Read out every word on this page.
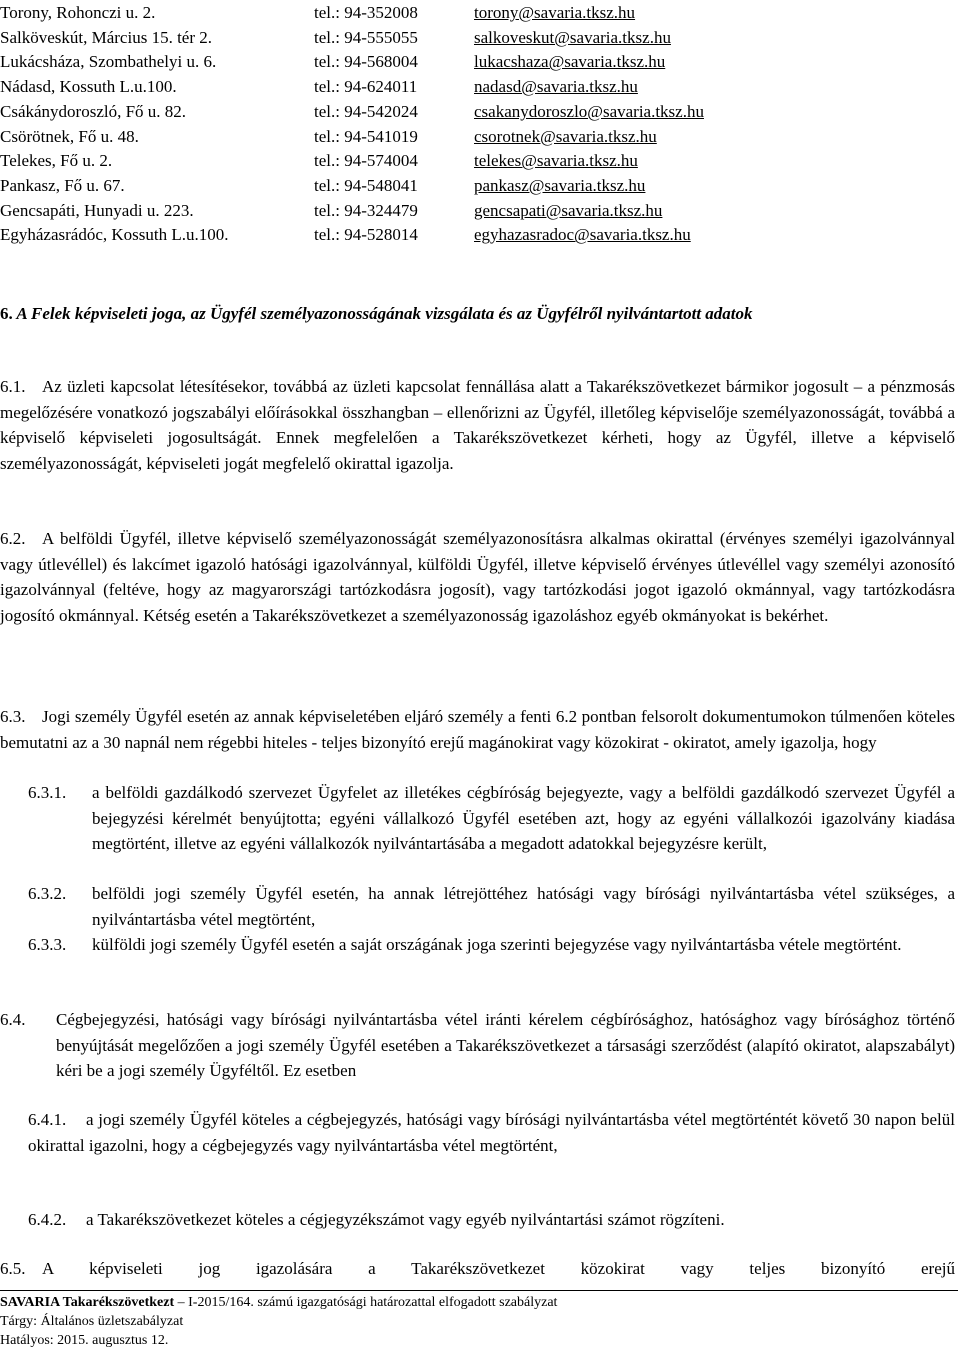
Torony, Rohonczi u. 2.	tel.: 94-352008	torony@savaria.tksz.hu
Salköveskút, Március 15. tér 2.	tel.: 94-555055	salkoveskut@savaria.tksz.hu
Lukácsháza, Szombathelyi u. 6.	tel.: 94-568004	lukacshaza@savaria.tksz.hu
Nádasd, Kossuth L.u.100.	tel.: 94-624011	nadasd@savaria.tksz.hu
Csákánydoroszló, Fő u. 82.	tel.: 94-542024	csakanydoroszlo@savaria.tksz.hu
Csörötnek, Fő u. 48.	tel.: 94-541019	csorotnek@savaria.tksz.hu
Telekes, Fő u. 2.	tel.: 94-574004	telekes@savaria.tksz.hu
Pankasz, Fő u. 67.	tel.: 94-548041	pankasz@savaria.tksz.hu
Gencsapáti, Hunyadi u. 223.	tel.: 94-324479	gencsapati@savaria.tksz.hu
Egyházasrádóc, Kossuth L.u.100.	tel.: 94-528014	egyhazasradoc@savaria.tksz.hu
6. A Felek képviseleti joga, az Ügyfél személyazonosságának vizsgálata és az Ügyfélről nyilvántartott adatok
6.1. Az üzleti kapcsolat létesítésekor, továbbá az üzleti kapcsolat fennállása alatt a Takarékszövetkezet bármikor jogosult – a pénzmosás megelőzésére vonatkozó jogszabályi előírásokkal összhangban – ellenőrizni az Ügyfél, illetőleg képviselője személyazonosságát, továbbá a képviselő képviseleti jogosultságát. Ennek megfelelően a Takarékszövetkezet kérheti, hogy az Ügyfél, illetve a képviselő személyazonosságát, képviseleti jogát megfelelő okirattal igazolja.
6.2. A belföldi Ügyfél, illetve képviselő személyazonosságát személyazonosításra alkalmas okirattal (érvényes személyi igazolvánnyal vagy útlevéllel) és lakcímet igazoló hatósági igazolvánnyal, külföldi Ügyfél, illetve képviselő érvényes útlevéllel vagy személyi azonosító igazolvánnyal (feltéve, hogy az magyarországi tartózkodásra jogosít), vagy tartózkodási jogot igazoló okmánnyal, vagy tartózkodásra jogosító okmánnyal. Kétség esetén a Takarékszövetkezet a személyazonosság igazoláshoz egyéb okmányokat is bekérhet.
6.3. Jogi személy Ügyfél esetén az annak képviseletében eljáró személy a fenti 6.2 pontban felsorolt dokumentumokon túlmenően köteles bemutatni az a 30 napnál nem régebbi hiteles - teljes bizonyító erejű magánokirat vagy közokirat - okiratot, amely igazolja, hogy
6.3.1.	a belföldi gazdálkodó szervezet Ügyfelet az illetékes cégbíróság bejegyezte, vagy a belföldi gazdálkodó szervezet Ügyfél a bejegyzési kérelmét benyújtotta; egyéni vállalkozó Ügyfél esetében azt, hogy az egyéni vállalkozói igazolvány kiadása megtörtént, illetve az egyéni vállalkozók nyilvántartásába a megadott adatokkal bejegyzésre került,
6.3.2.	belföldi jogi személy Ügyfél esetén, ha annak létrejöttéhez hatósági vagy bírósági nyilvántartásba vétel szükséges, a nyilvántartásba vétel megtörtént,
6.3.3.	külföldi jogi személy Ügyfél esetén a saját országának joga szerinti bejegyzése vagy nyilvántartásba vétele megtörtént.
6.4.	Cégbejegyzési, hatósági vagy bírósági nyilvántartásba vétel iránti kérelem cégbírósághoz, hatósághoz vagy bírósághoz történő benyújtását megelőzően a jogi személy Ügyfél esetében a Takarékszövetkezet a társasági szerződést (alapító okiratot, alapszabályt) kéri be a jogi személy Ügyféltől. Ez esetben
6.4.1.	a jogi személy Ügyfél köteles a cégbejegyzés, hatósági vagy bírósági nyilvántartásba vétel megtörténtét követő 30 napon belül okirattal igazolni, hogy a cégbejegyzés vagy nyilvántartásba vétel megtörtént,
6.4.2.	a Takarékszövetkezet köteles a cégjegyzékszámot vagy egyéb nyilvántartási számot rögzíteni.
6.5. A képviseleti jog igazolására a Takarékszövetkezet közokirat vagy teljes bizonyító erejű
SAVARIA Takarékszövetkezt – I-2015/164. számú igazgatósági határozattal elfogadott szabályzat
Tárgy: Általános üzletszabályzat
Hatályos: 2015. augusztus 12.
